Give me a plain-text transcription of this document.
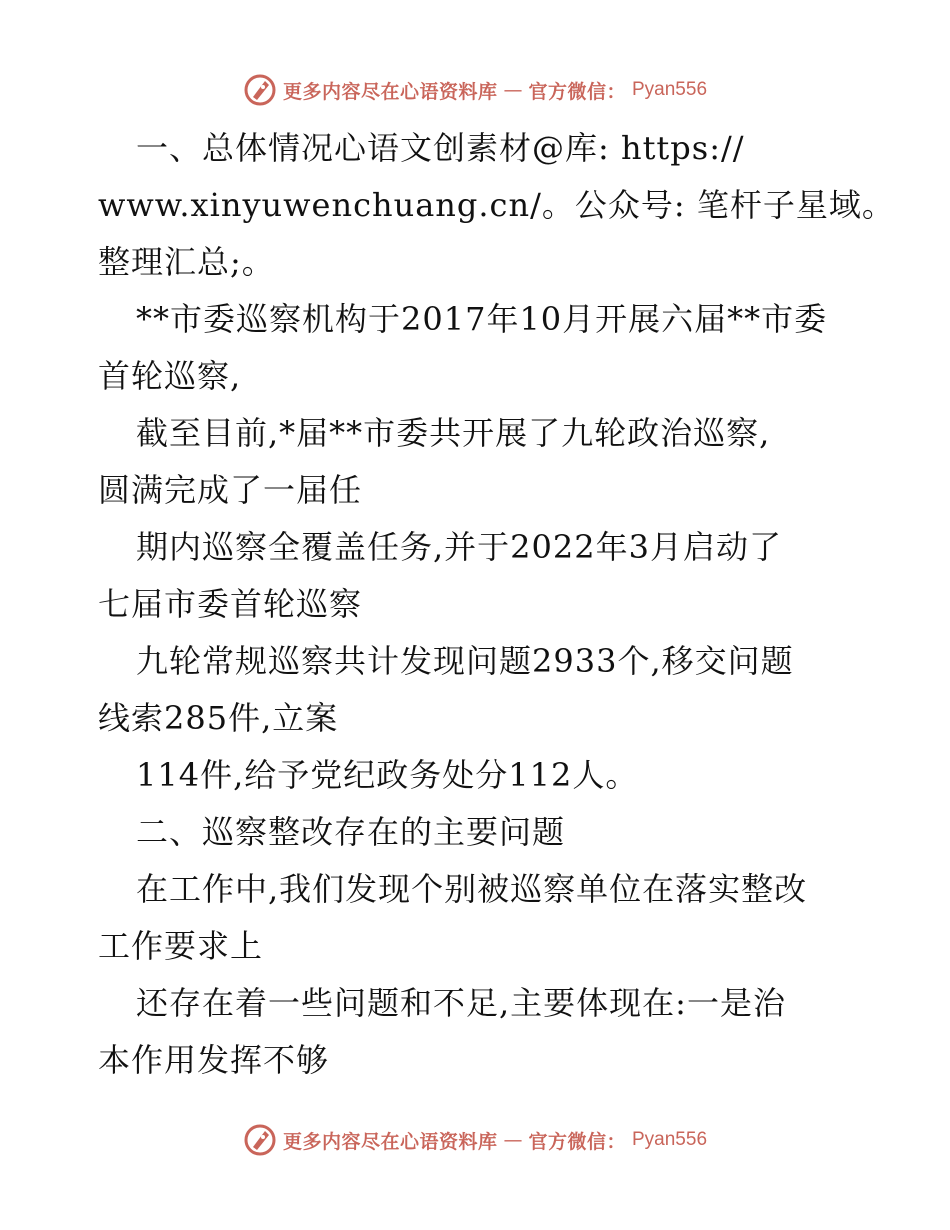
更多内容尽在心语资料库 — 官方微信： Pyan556
一、总体情况心语文创素材@库: https://
www.xinyuwenchuang.cn/。公众号: 笔杆子星域。
整理汇总;。
**市委巡察机构于2017年10月开展六届**市委
首轮巡察,
截至目前,*届**市委共开展了九轮政治巡察,
圆满完成了一届任
期内巡察全覆盖任务,并于2022年3月启动了
七届市委首轮巡察
九轮常规巡察共计发现问题2933个,移交问题
线索285件,立案
114件,给予党纪政务处分112人。
二、巡察整改存在的主要问题
在工作中,我们发现个别被巡察单位在落实整改
工作要求上
还存在着一些问题和不足,主要体现在:一是治
本作用发挥不够
更多内容尽在心语资料库 — 官方微信： Pyan556
